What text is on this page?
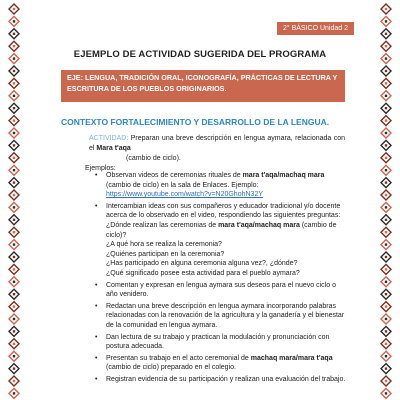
2° BÁSICO Unidad 2
EJEMPLO DE ACTIVIDAD SUGERIDA DEL PROGRAMA
EJE: LENGUA, TRADICIÓN ORAL, ICONOGRAFÍA, PRÁCTICAS DE LECTURA Y ESCRITURA DE LOS PUEBLOS ORIGINARIOS.
CONTEXTO FORTALECIMIENTO Y DESARROLLO DE LA LENGUA.
ACTIVIDAD: Preparan una breve descripción en lengua aymara, relacionada con el Mara t'aqa
(cambio de ciclo).
Ejemplos:
• Observan videos de ceremonias rituales de mara t'aqa/machaq mara (cambio de ciclo) en la sala de Enlaces. Ejemplo:
https://www.youtube.com/watch?v=N20GhohN32Y
• Intercambian ideas con sus compañeros y educador tradicional y/o docente acerca de lo observado en el video, respondiendo las siguientes preguntas:
¿Dónde realizan las ceremonias de mara t'aqa/machaq mara (cambio de ciclo)?
¿A qué hora se realiza la ceremonia?
¿Quiénes participan en la ceremonia?
¿Has participado en alguna ceremonia alguna vez?, ¿dónde?
¿Qué significado posee esta actividad para el pueblo aymara?
• Comentan y expresan en lengua aymara sus deseos para el nuevo ciclo o año venidero.
• Redactan una breve descripción en lengua aymara incorporando palabras relacionadas con la renovación de la agricultura y la ganadería y el bienestar de la comunidad en lengua aymara.
• Dan lectura de su trabajo y practican la modulación y pronunciación con postura adecuada.
• Presentan su trabajo en el acto ceremonial de machaq mara/mara t'aqa (cambio de ciclo) preparado en el colegio.
• Registran evidencia de su participación y realizan una evaluación del trabajo.
